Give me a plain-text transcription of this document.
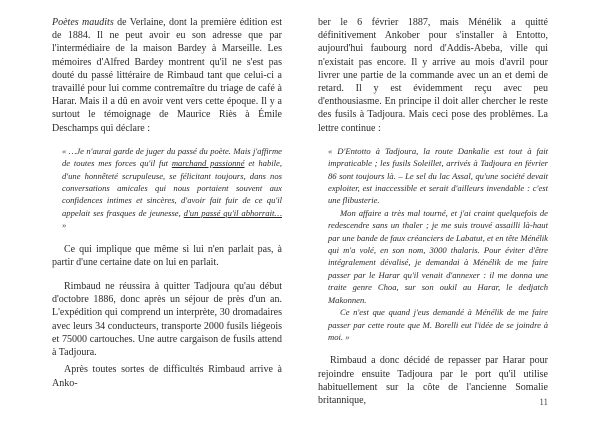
Poètes maudits de Verlaine, dont la première édition est de 1884. Il ne peut avoir eu son adresse que par l'intermédiaire de la maison Bardey à Marseille. Les mémoires d'Alfred Bardey montrent qu'il ne s'est pas douté du passé littéraire de Rimbaud tant que celui-ci a travaillé pour lui comme contremaître du triage de café à Harar. Mais il a dû en avoir vent vers cette époque. Il y a surtout le témoignage de Maurice Riès à Émile Deschamps qui déclare :

« …Je n'aurai garde de juger du passé du poète. Mais j'affirme de toutes mes forces qu'il fut marchand passionné et habile, d'une honnêteté scrupuleuse, se félicitant toujours, dans nos conversations amicales qui nous portaient souvent aux confidences intimes et sincères, d'avoir fait fuir de ce qu'il appelait ses frasques de jeunesse, d'un passé qu'il abhorrait… »

Ce qui implique que même si lui n'en parlait pas, à partir d'une certaine date on lui en parlait.

Rimbaud ne réussira à quitter Tadjoura qu'au début d'octobre 1886, donc après un séjour de près d'un an. L'expédition qui comprend un interprète, 30 dromadaires avec leurs 34 conducteurs, transporte 2000 fusils liégeois et 75000 cartouches. Une autre cargaison de fusils attend à Tadjoura.

Après toutes sortes de difficultés Rimbaud arrive à Anko-

ber le 6 février 1887, mais Ménélik a quitté définitivement Ankober pour s'installer à Entotto, aujourd'hui faubourg nord d'Addis-Abeba, ville qui n'existait pas encore. Il y arrive au mois d'avril pour livrer une partie de la commande avec un an et demi de retard. Il y est évidemment reçu avec peu d'enthousiasme. En principe il doit aller chercher le reste des fusils à Tadjoura. Mais ceci pose des problèmes. La lettre continue :

« D'Entotto à Tadjoura, la route Dankalie est tout à fait impraticable ; les fusils Soleillet, arrivés à Tadjoura en février 86 sont toujours là. – Le sel du lac Assal, qu'une société devait exploiter, est inaccessible et serait d'ailleurs invendable : c'est une flibusterie.

Mon affaire a très mal tourné, et j'ai craint quelquefois de redescendre sans un thaler ; je me suis trouvé assailli là-haut par une bande de faux créanciers de Labatut, et en tête Ménélik qui m'a volé, en son nom, 3000 thalaris. Pour éviter d'être intégralement dévalisé, je demandai à Ménélik de me faire passer par le Harar qu'il venait d'annexer : il me donna une traite genre Choa, sur son oukil au Harar, le dedjatch Makonnen.

Ce n'est que quand j'eus demandé à Ménélik de me faire passer par cette route que M. Borelli eut l'idée de se joindre à moi. »

Rimbaud a donc décidé de repasser par Harar pour rejoindre ensuite Tadjoura par le port qu'il utilise habituellement sur la côte de l'ancienne Somalie britannique,	11
